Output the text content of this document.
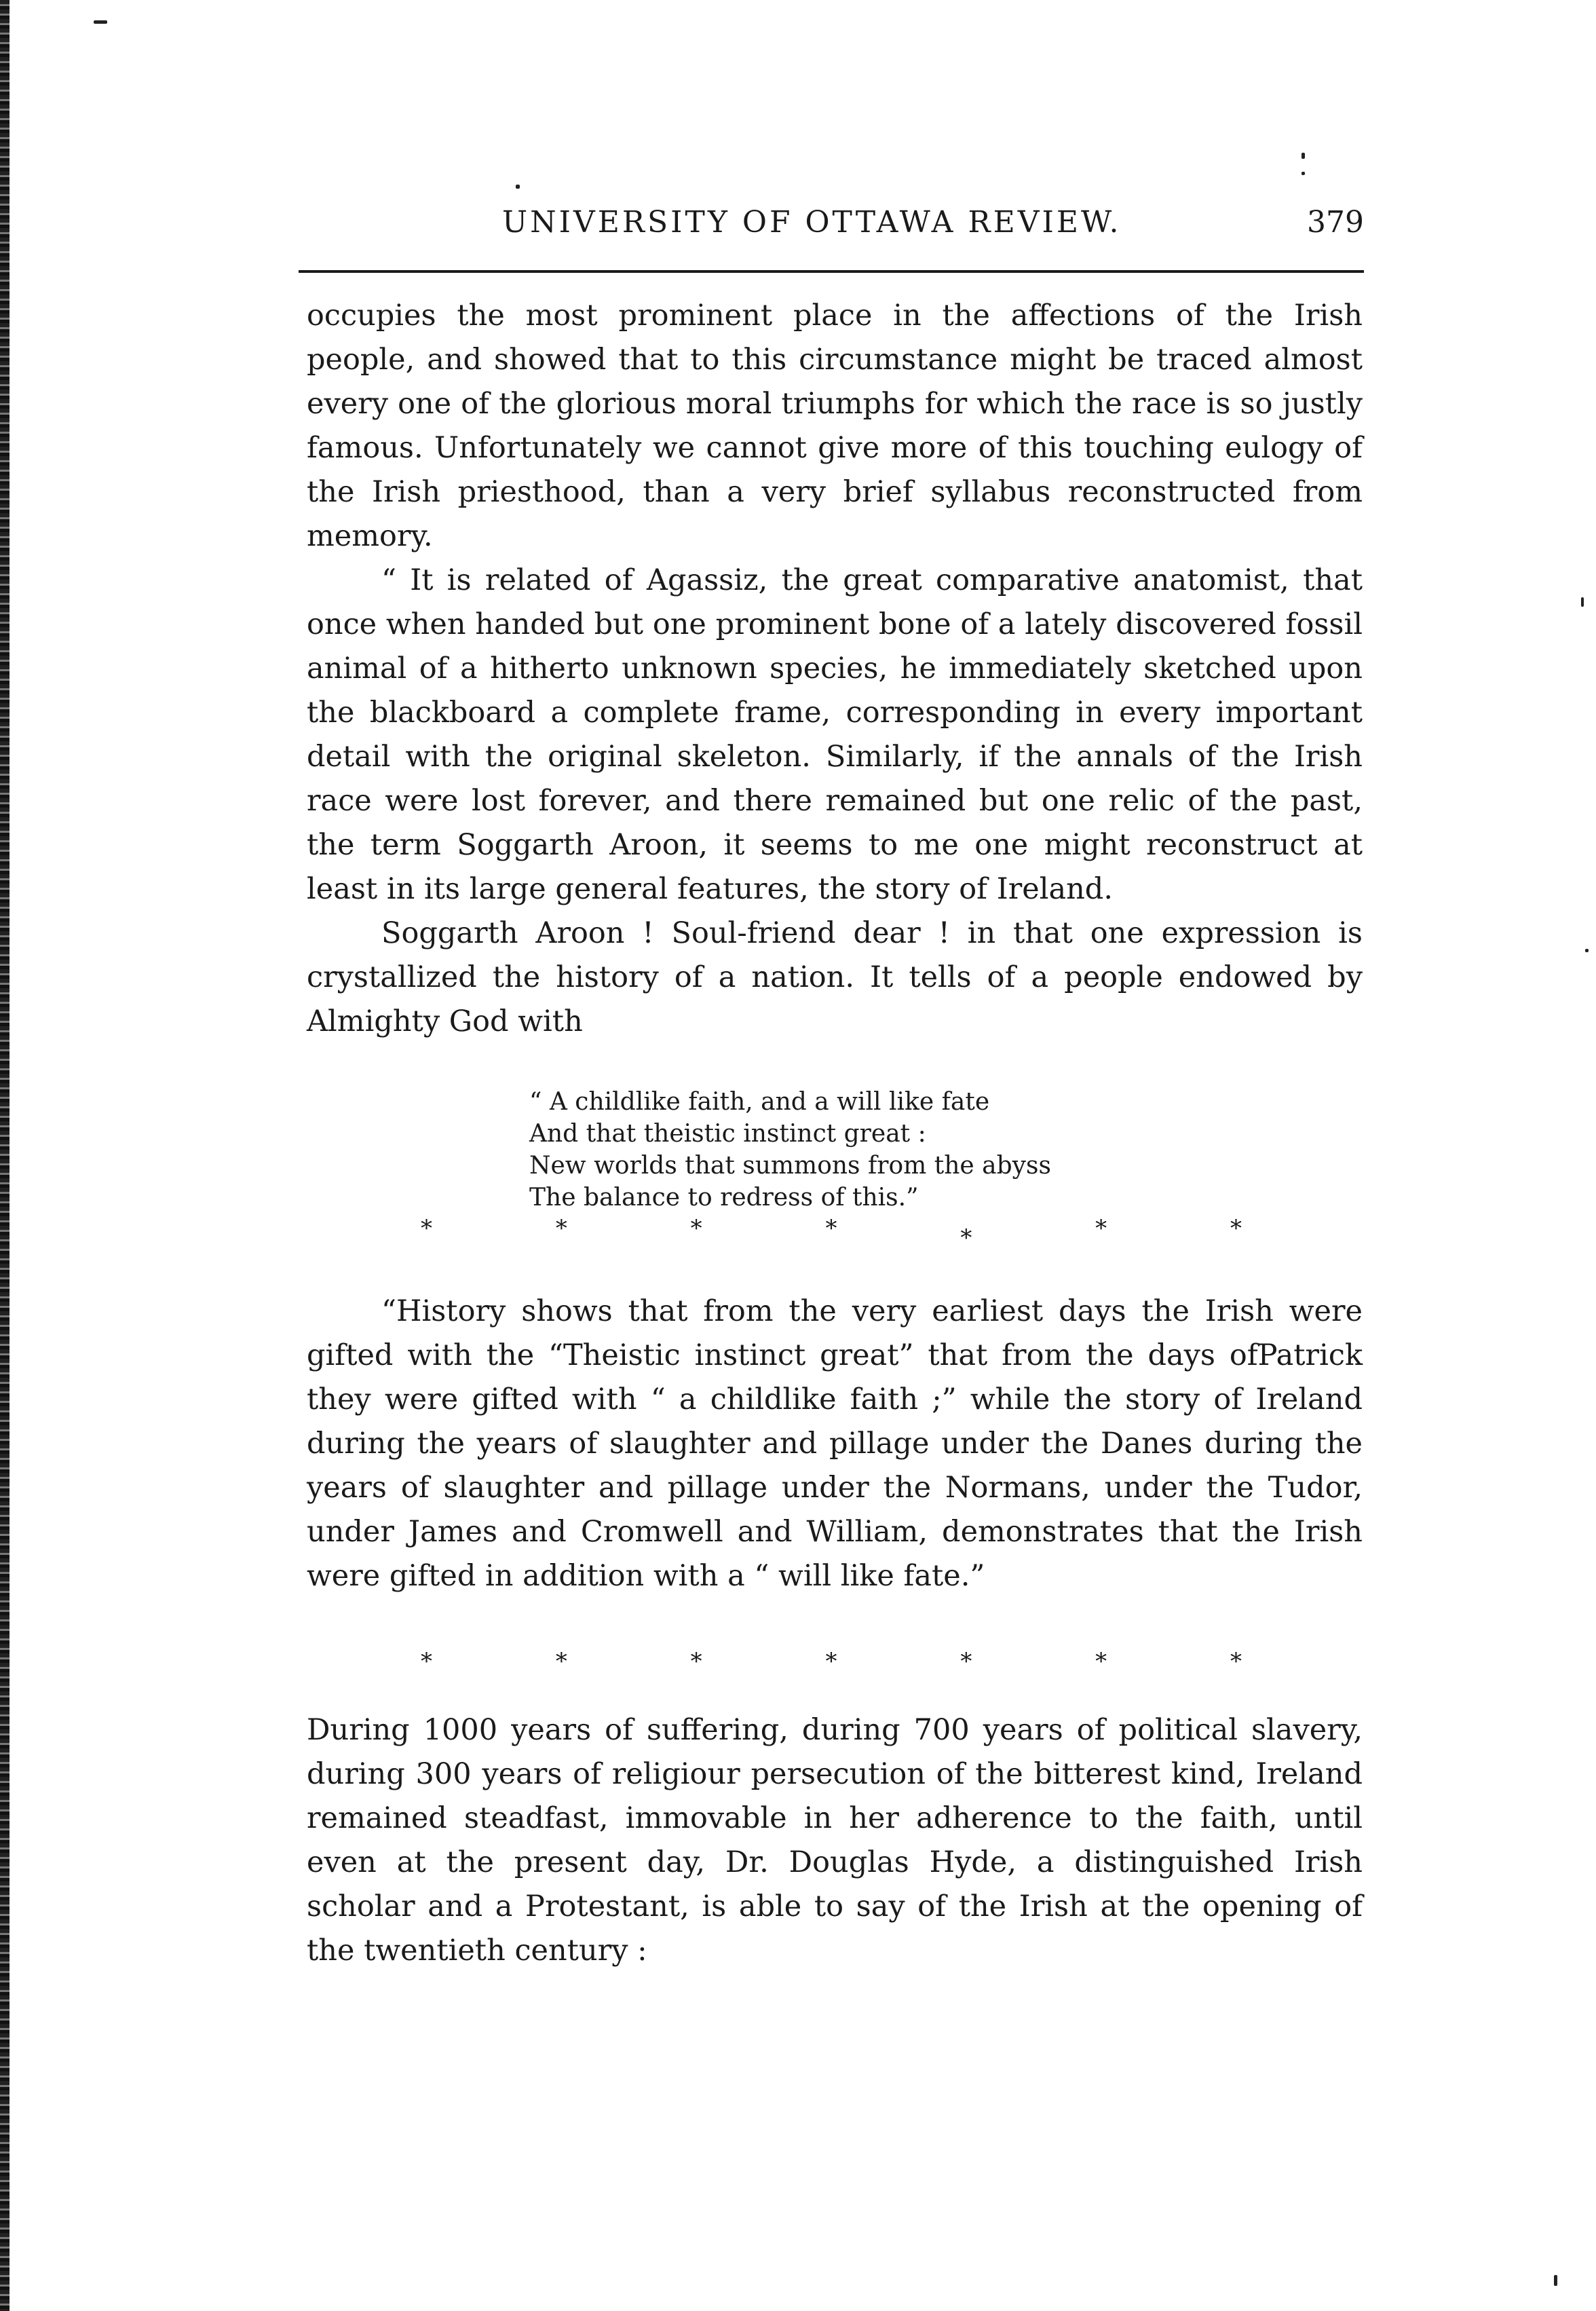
UNIVERSITY OF OTTAWA REVIEW.	379

occupies the most prominent place in the affections of the Irish people, and showed that to this circumstance might be traced almost every one of the glorious moral triumphs for which the race is so justly famous. Unfortunately we cannot give more of this touching eulogy of the Irish priesthood, than a very brief syllabus reconstructed from memory.

“ It is related of Agassiz, the great comparative anatomist, that once when handed but one prominent bone of a lately discovered fossil animal of a hitherto unknown species, he immediately sketched upon the blackboard a complete frame, corresponding in every important detail with the original skeleton. Similarly, if the annals of the Irish race were lost forever, and there remained but one relic of the past, the term Soggarth Aroon, it seems to me one might reconstruct at least in its large general features, the story of Ireland.

Soggarth Aroon ! Soul-friend dear ! in that one expression is crystallized the history of a nation. It tells of a people endowed by Almighty God with

“ A childlike faith, and a will like fate
And that theistic instinct great :
New worlds that summons from the abyss
The balance to redress of this.”
*	*	*	*	*	*	*

“History shows that from the very earliest days the Irish were gifted with the “Theistic instinct great” that from the days ofPatrick they were gifted with “ a childlike faith ;” while the story of Ireland during the years of slaughter and pillage under the Danes during the years of slaughter and pillage under the Normans, under the Tudor, under James and Cromwell and William, demonstrates that the Irish were gifted in addition with a “ will like fate.”

*	*	*	*	*	*	*

During 1000 years of suffering, during 700 years of political slavery, during 300 years of religiour persecution of the bitterest kind, Ireland remained steadfast, immovable in her adherence to the faith, until even at the present day, Dr. Douglas Hyde, a distinguished Irish scholar and a Protestant, is able to say of the Irish at the opening of the twentieth century :
